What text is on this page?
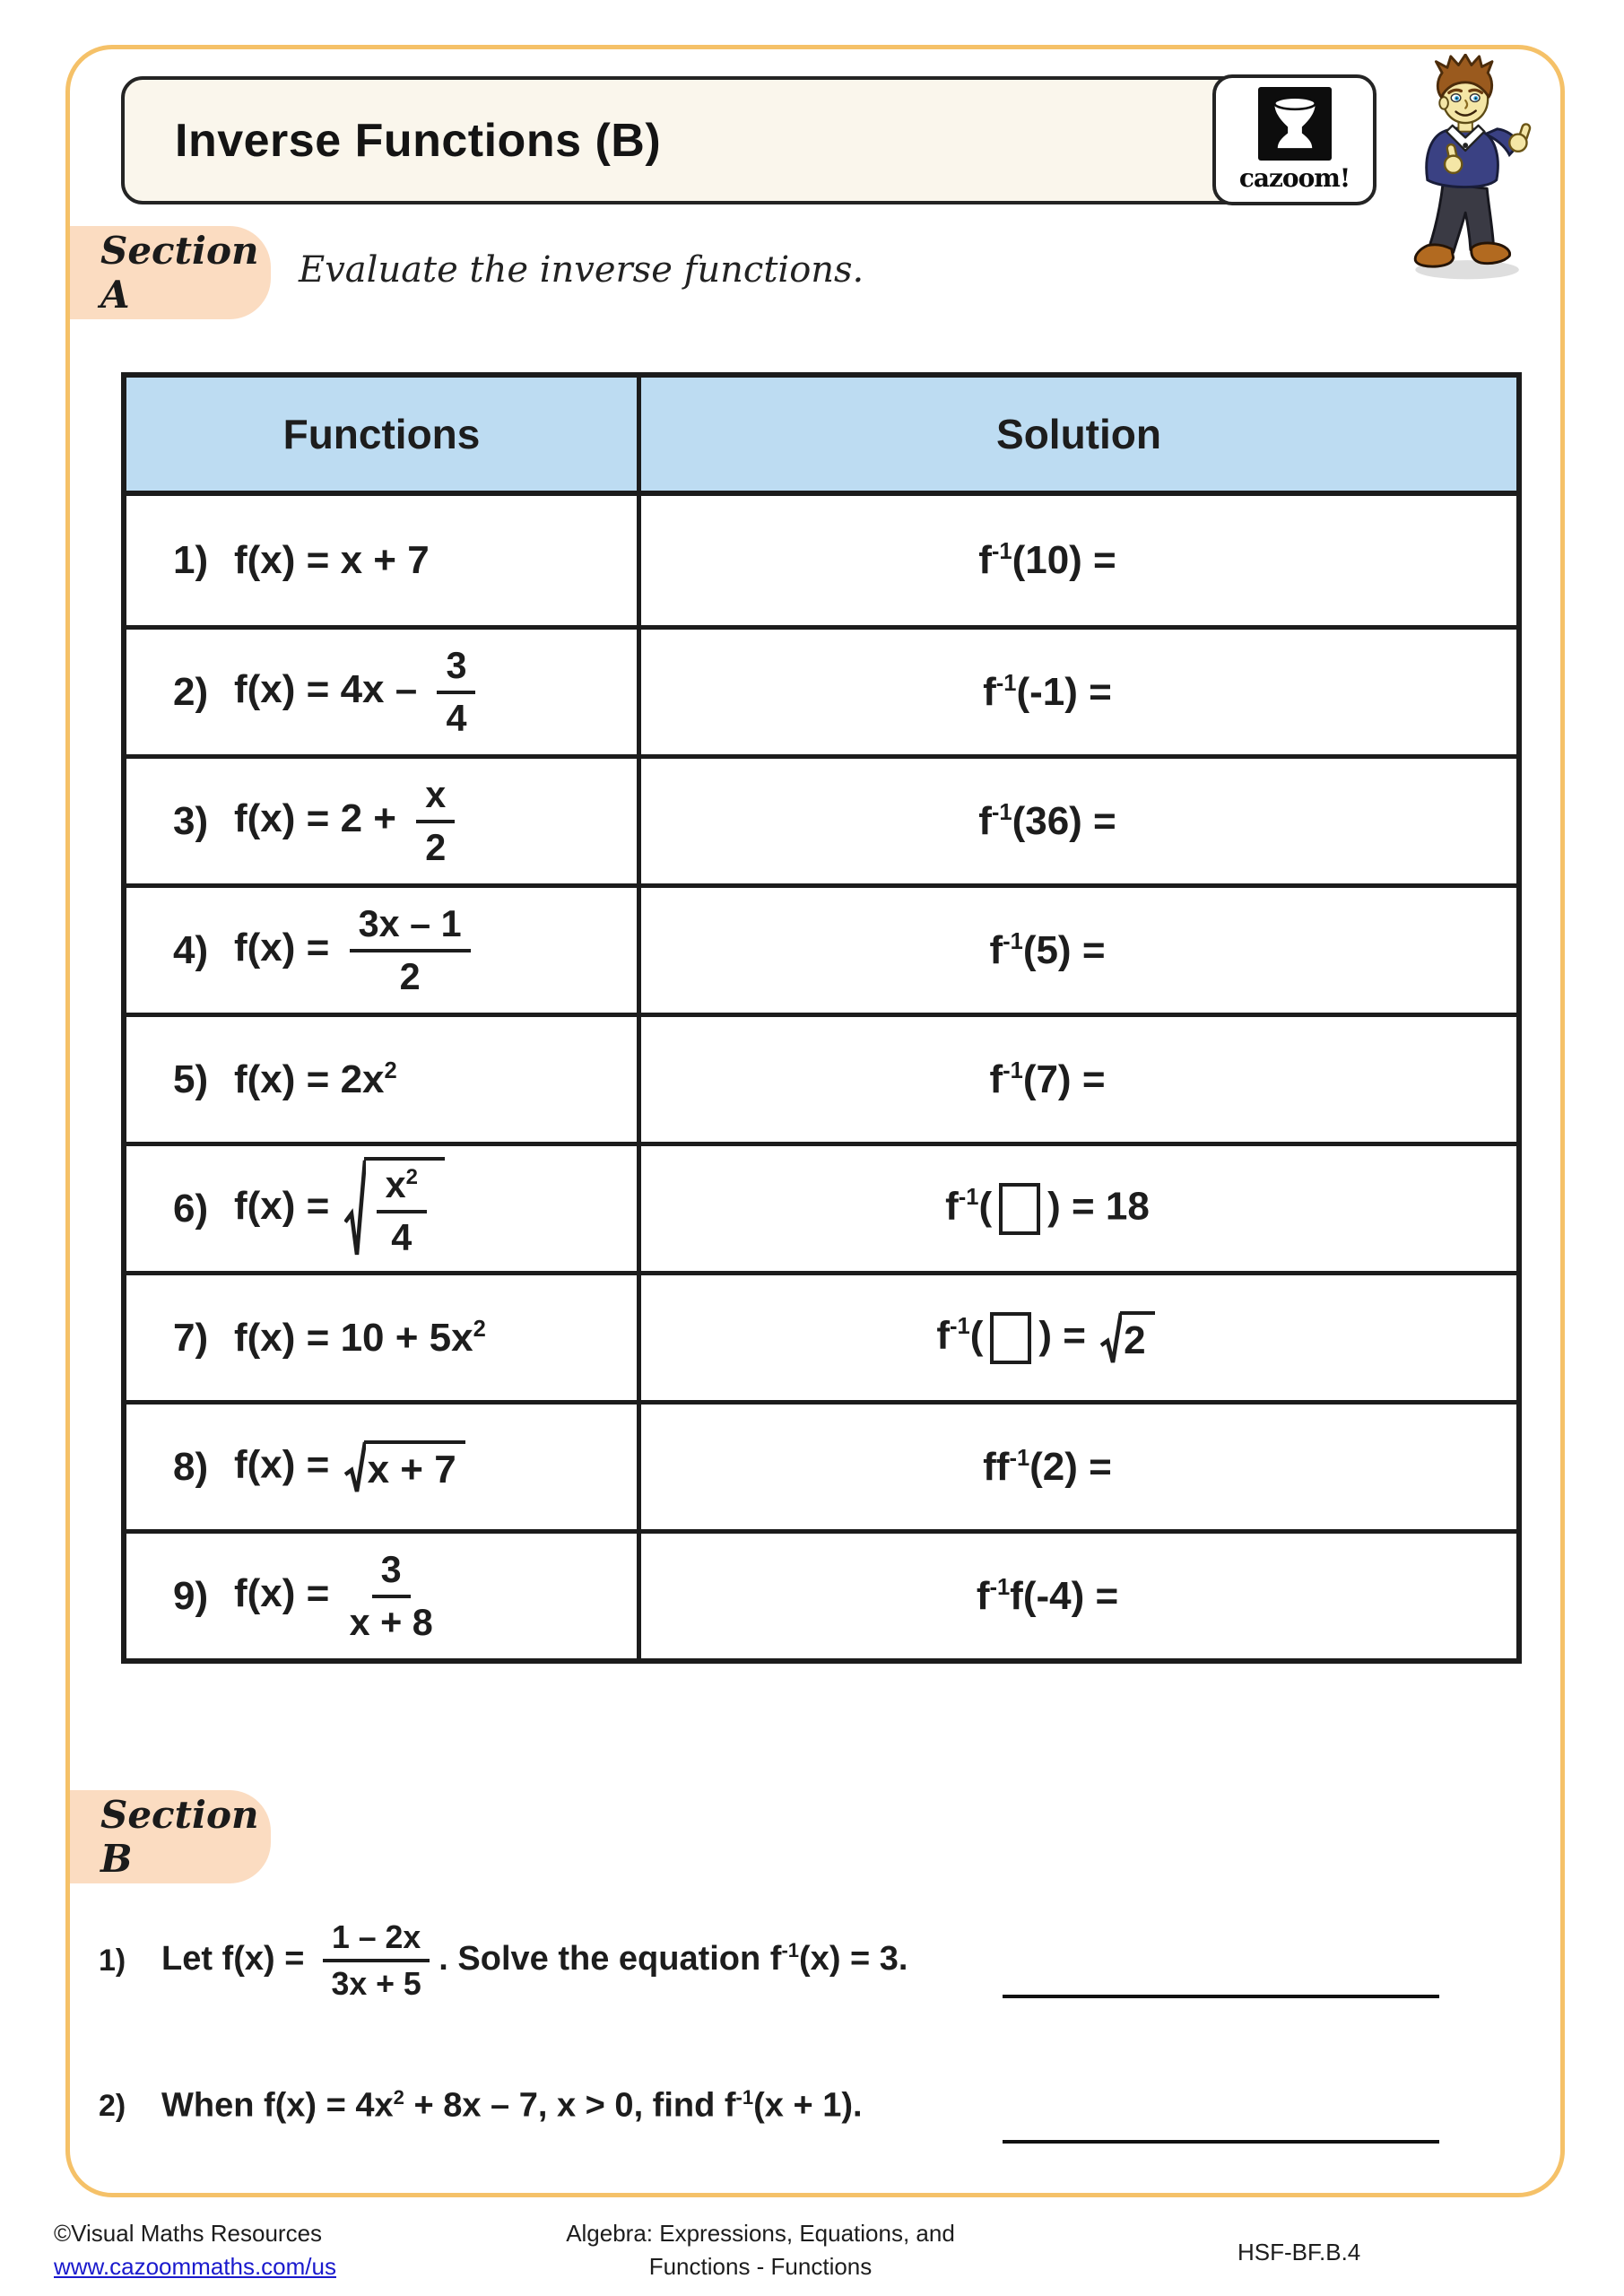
Inverse Functions (B)
cazoom!
Section A
Evaluate the inverse functions.
Functions	Solution
1) f(x) = x + 7	f-1(10) =
2) $f(x) = 4x - \frac{3}{4}$	f-1(-1) =
3) $f(x) = 2 + \frac{x}{2}$	f-1(36) =
4) $f(x) = \frac{3x - 1}{2}$	f-1(5) =
5) f(x) = 2x2	f-1(7) =
6) $f(x) = \frac{x2}{4}$	f-1( ) = 18
7) f(x) = 10 + 5x2	f-1( ) = 2
8) f(x) = x + 7	ff-1(2) =
9) $f(x) = \frac{3}{x + 8}$	f-1f(-4) =
Section B
1)	Let $f(x) = \frac{1 - 2x}{3x + 5}$ . Solve the equation f-1(x) = 3.
2)	When f(x) = 4x2 + 8x – 7, x > 0, find f-1(x + 1).
©Visual Maths Resources
www.cazoommaths.com/us
Algebra: Expressions, Equations, and
Functions - Functions
HSF-BF.B.4
